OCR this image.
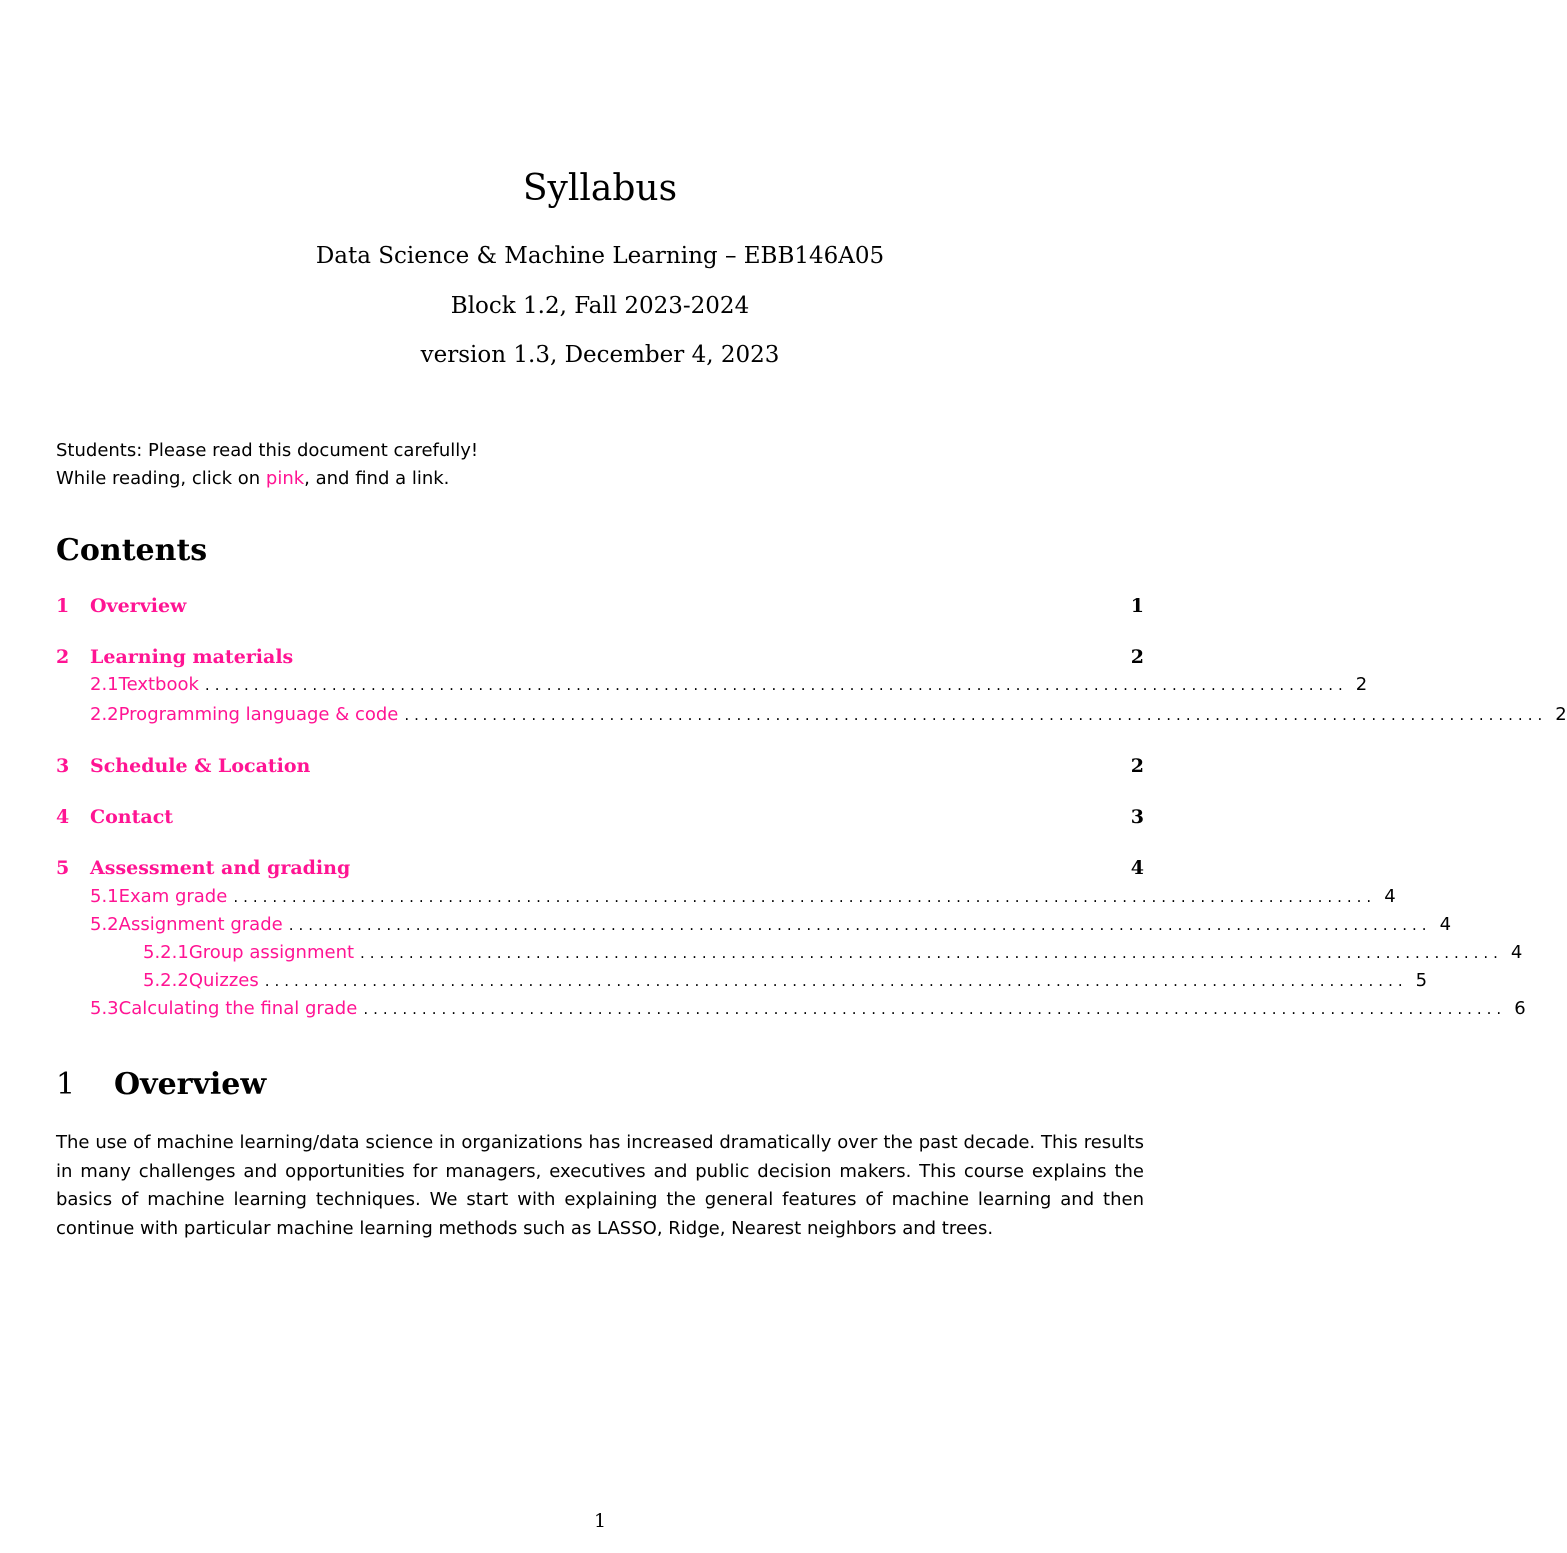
Syllabus
Data Science & Machine Learning – EBB146A05
Block 1.2, Fall 2023-2024
version 1.3, December 4, 2023
Students: Please read this document carefully!
While reading, click on pink, and find a link.
Contents
1	Overview	1
2	Learning materials	2
2.1 Textbook ..................................................................................................................... 2
2.2 Programming language & code ..................................................................................................................... 2
3	Schedule & Location	2
4	Contact	3
5	Assessment and grading	4
5.1 Exam grade ..................................................................................................................... 4
5.2 Assignment grade ..................................................................................................................... 4
5.2.1 Group assignment ..................................................................................................................... 4
5.2.2 Quizzes ..................................................................................................................... 5
5.3 Calculating the final grade ..................................................................................................................... 6
1 Overview
The use of machine learning/data science in organizations has increased dramatically over the past decade. This results in many challenges and opportunities for managers, executives and public decision makers. This course explains the basics of machine learning techniques. We start with explaining the general features of machine learning and then continue with particular machine learning methods such as LASSO, Ridge, Nearest neighbors and trees.
1
